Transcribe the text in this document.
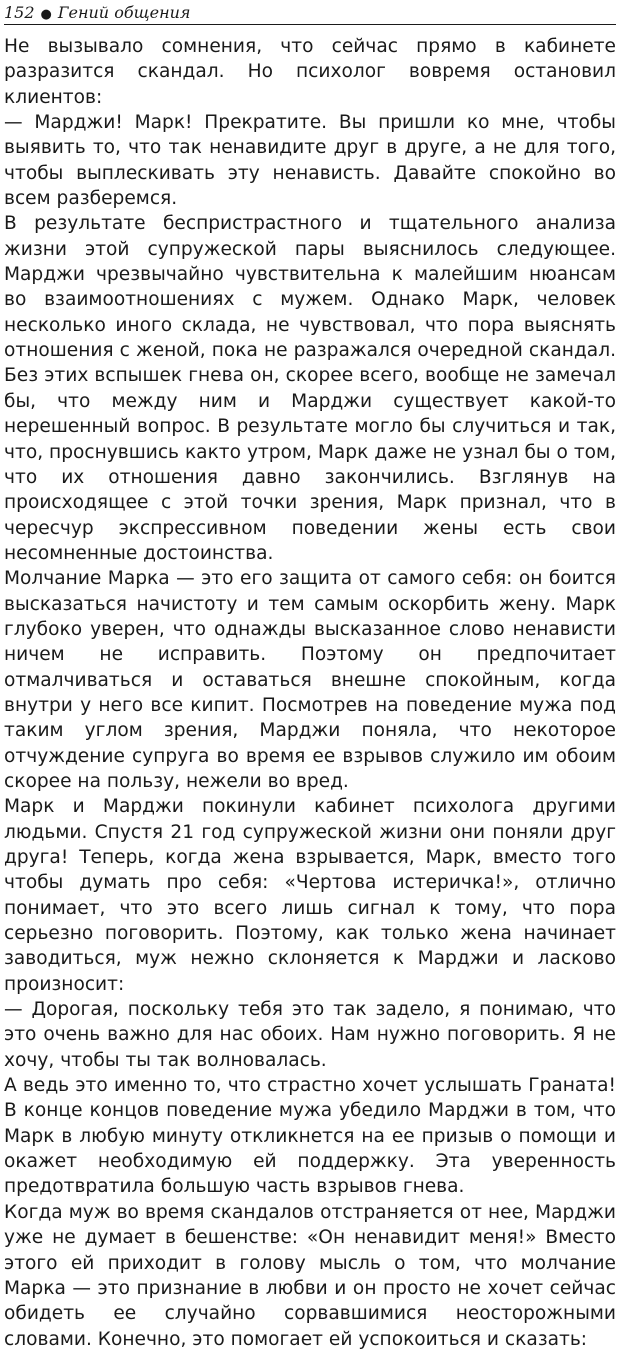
152 ● Гений общения

Не вызывало сомнения, что сейчас прямо в кабинете разразится скандал. Но психолог вовремя остановил клиентов:

— Марджи! Марк! Прекратите. Вы пришли ко мне, чтобы выявить то, что так ненавидите друг в друге, а не для того, чтобы выплескивать эту ненависть. Давайте спокойно во всем разберемся.

В результате беспристрастного и тщательного анализа жизни этой супружеской пары выяснилось следующее. Марджи чрезвычайно чувствительна к малейшим нюансам во взаимоотношениях с мужем. Однако Марк, человек несколько иного склада, не чувствовал, что пора выяснять отношения с женой, пока не разражался очередной скандал. Без этих вспышек гнева он, скорее всего, вообще не замечал бы, что между ним и Марджи существует какой-то нерешенный вопрос. В результате могло бы случиться и так, что, проснувшись както утром, Марк даже не узнал бы о том, что их отношения давно закончились. Взглянув на происходящее с этой точки зрения, Марк признал, что в чересчур экспрессивном поведении жены есть свои несомненные достоинства.

Молчание Марка — это его защита от самого себя: он боится высказаться начистоту и тем самым оскорбить жену. Марк глубоко уверен, что однажды высказанное слово ненависти ничем не исправить. Поэтому он предпочитает отмалчиваться и оставаться внешне спокойным, когда внутри у него все кипит. Посмотрев на поведение мужа под таким углом зрения, Марджи поняла, что некоторое отчуждение супруга во время ее взрывов служило им обоим скорее на пользу, нежели во вред.

Марк и Марджи покинули кабинет психолога другими людьми. Спустя 21 год супружеской жизни они поняли друг друга! Теперь, когда жена взрывается, Марк, вместо того чтобы думать про себя: «Чертова истеричка!», отлично понимает, что это всего лишь сигнал к тому, что пора серьезно поговорить. Поэтому, как только жена начинает заводиться, муж нежно склоняется к Марджи и ласково произносит:

— Дорогая, поскольку тебя это так задело, я понимаю, что это очень важно для нас обоих. Нам нужно поговорить. Я не хочу, чтобы ты так волновалась.

А ведь это именно то, что страстно хочет услышать Граната! В конце концов поведение мужа убедило Марджи в том, что Марк в любую минуту откликнется на ее призыв о помощи и окажет необходимую ей поддержку. Эта уверенность предотвратила большую часть взрывов гнева.

Когда муж во время скандалов отстраняется от нее, Марджи уже не думает в бешенстве: «Он ненавидит меня!» Вместо этого ей приходит в голову мысль о том, что молчание Марка — это признание в любви и он просто не хочет сейчас обидеть ее случайно сорвавшимися неосторожными словами. Конечно, это помогает ей успокоиться и сказать:
